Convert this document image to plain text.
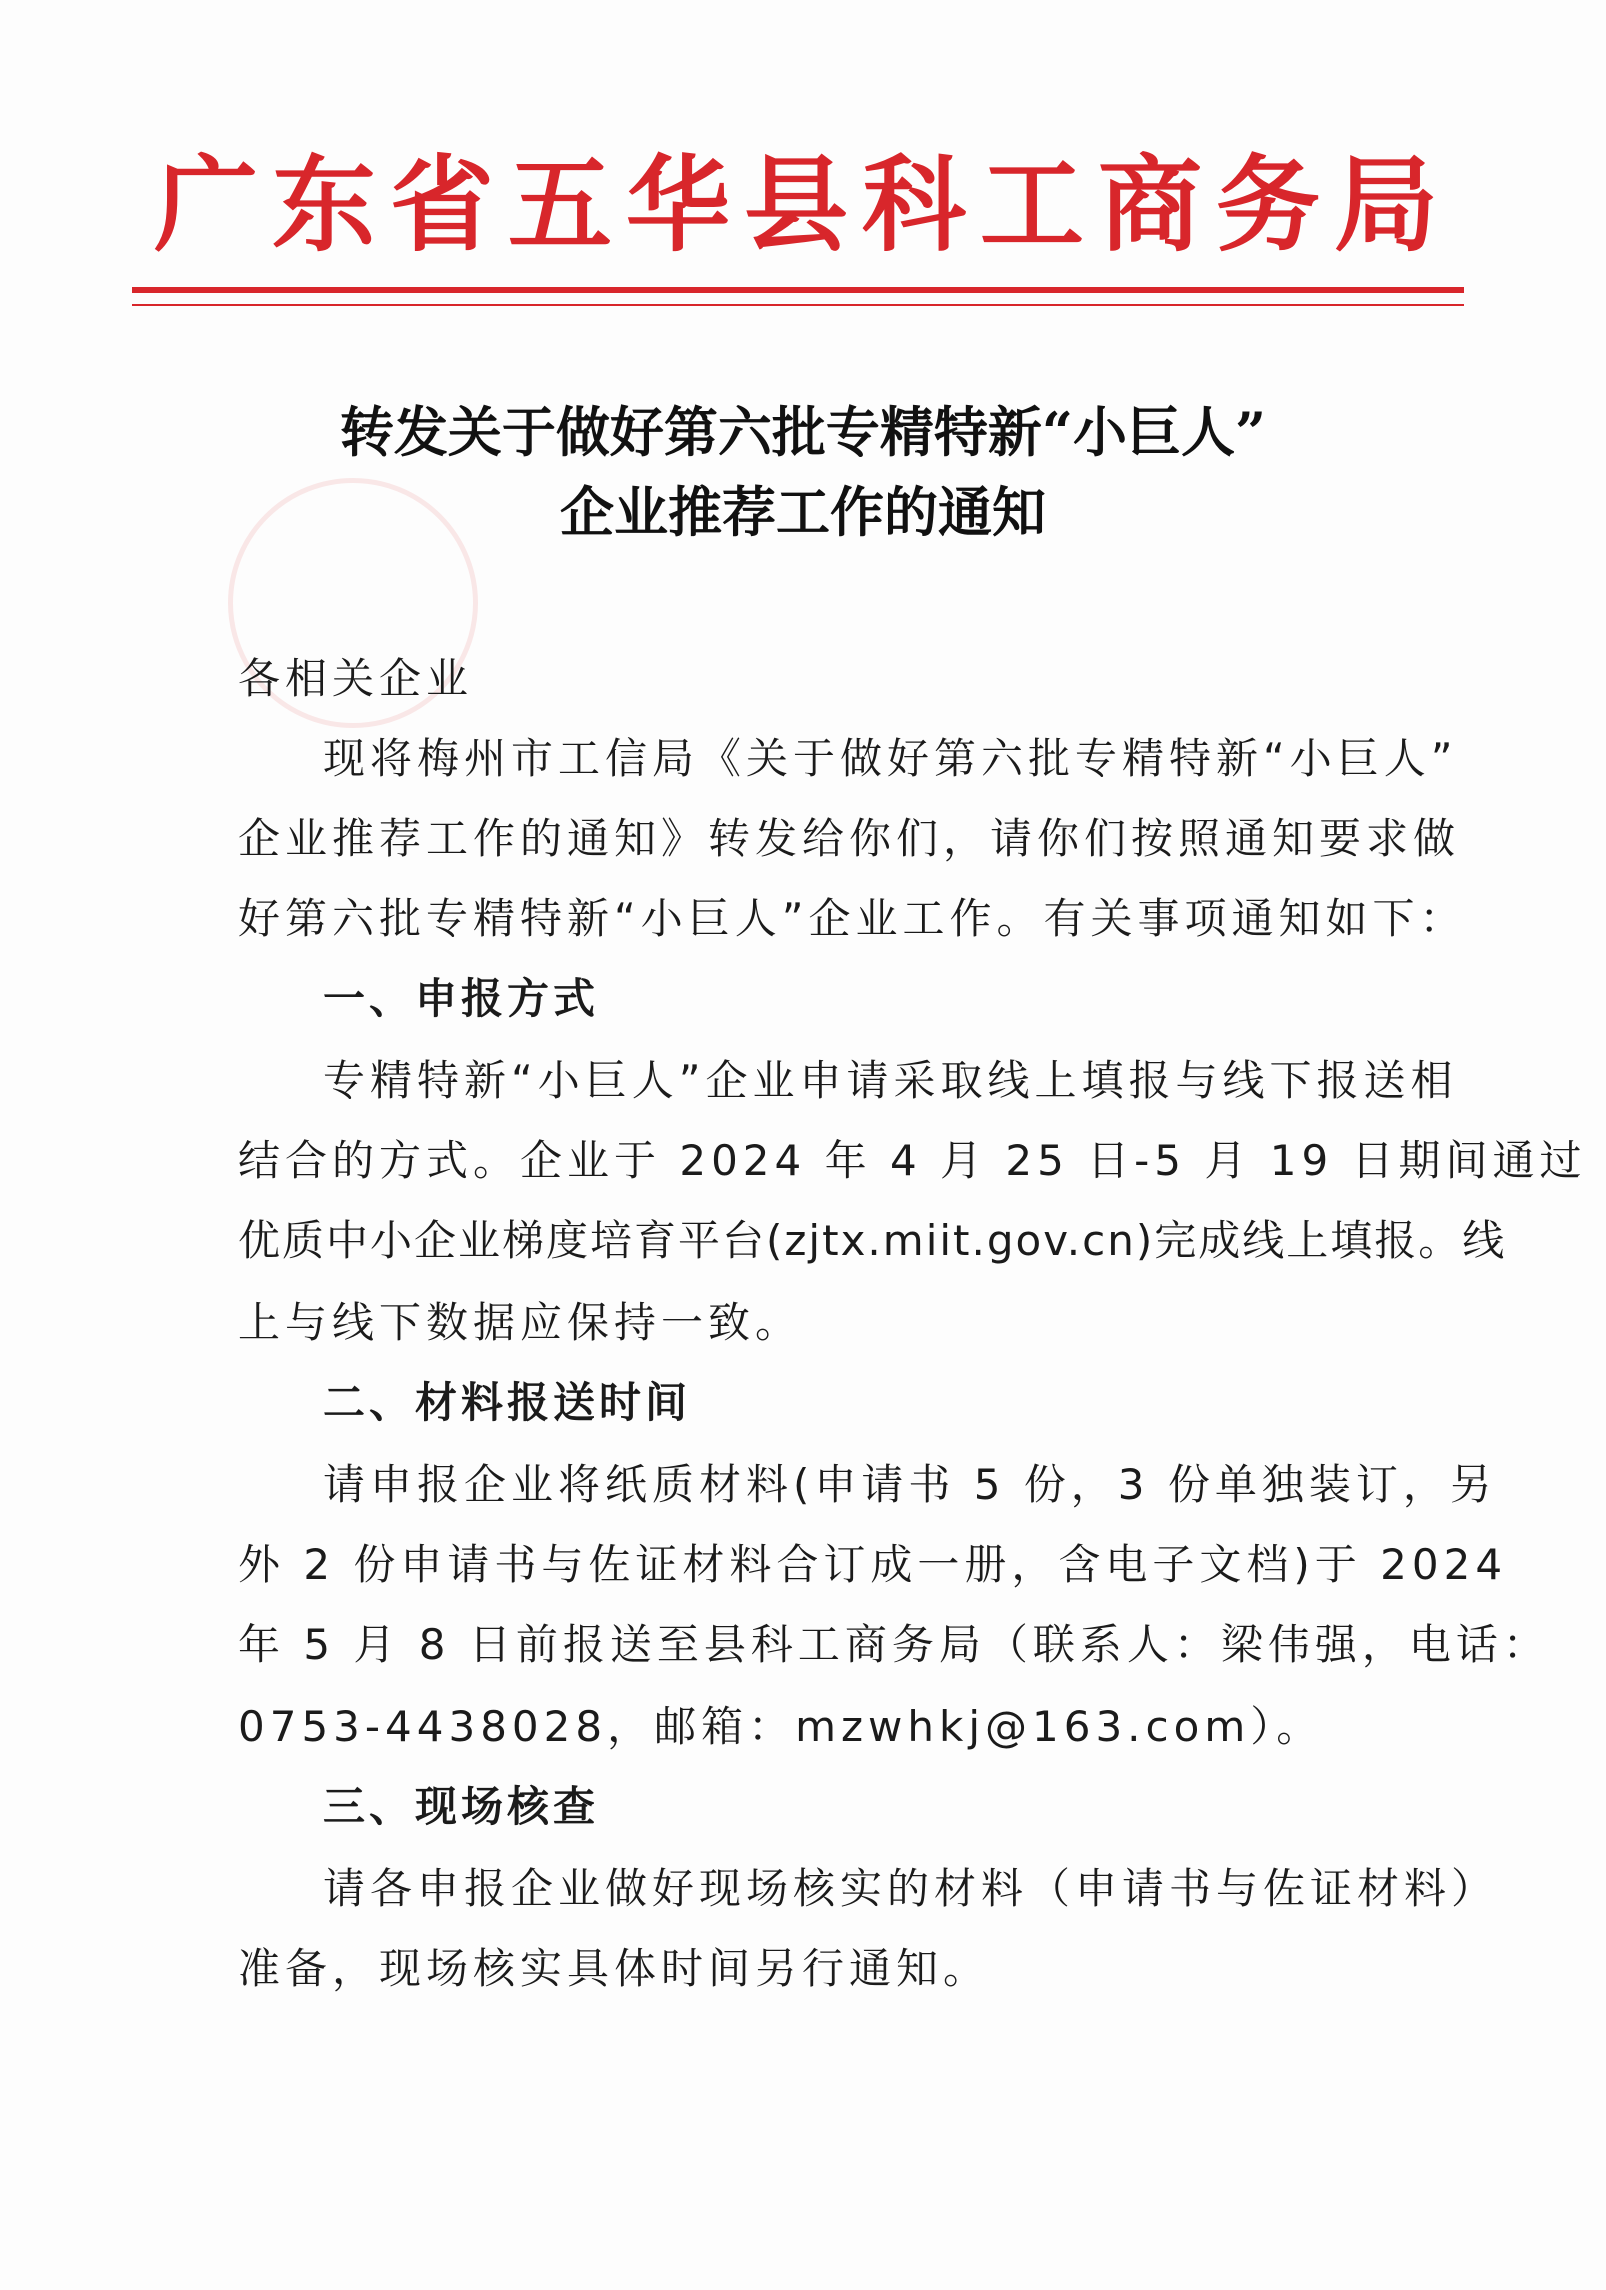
广东省五华县科工商务局
转发关于做好第六批专精特新“小巨人”
企业推荐工作的通知
各相关企业
现将梅州市工信局《关于做好第六批专精特新“小巨人”
企业推荐工作的通知》转发给你们，请你们按照通知要求做
好第六批专精特新“小巨人”企业工作。有关事项通知如下：
一、申报方式
专精特新“小巨人”企业申请采取线上填报与线下报送相
结合的方式。企业于 2024 年 4 月 25 日-5 月 19 日期间通过
优质中小企业梯度培育平台(zjtx.miit.gov.cn)完成线上填报。线
上与线下数据应保持一致。
二、材料报送时间
请申报企业将纸质材料(申请书 5 份，3 份单独装订，另
外 2 份申请书与佐证材料合订成一册，含电子文档)于 2024
年 5 月 8 日前报送至县科工商务局（联系人：梁伟强，电话：
0753-4438028，邮箱：mzwhkj@163.com）。
三、现场核查
请各申报企业做好现场核实的材料（申请书与佐证材料）
准备，现场核实具体时间另行通知。
